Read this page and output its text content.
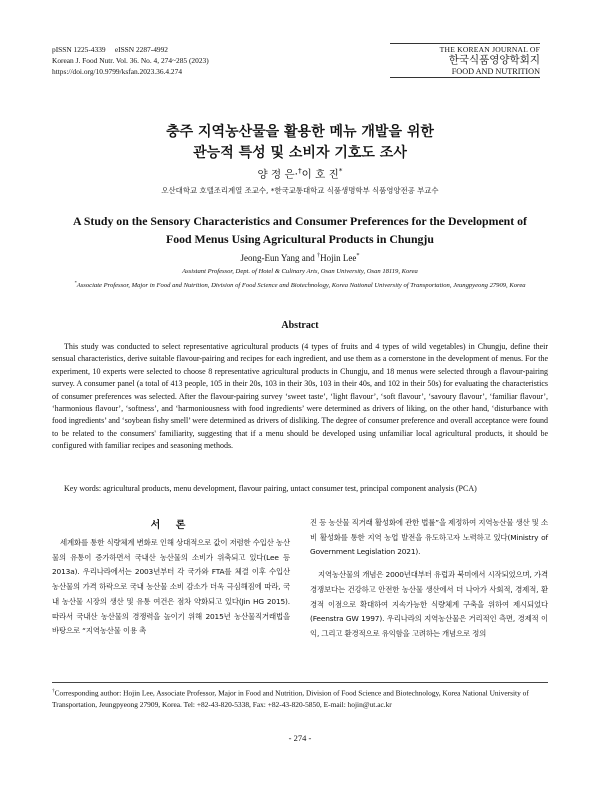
pISSN 1225-4339     eISSN 2287-4992
Korean J. Food Nutr. Vol. 36. No. 4, 274~285 (2023)
https://doi.org/10.9799/ksfan.2023.36.4.274
THE KOREAN JOURNAL OF
한국식품영양학회지
FOOD AND NUTRITION
충주 지역농산물을 활용한 메뉴 개발을 위한
관능적 특성 및 소비자 기호도 조사
양 정 은·†이 호 진*
오산대학교 호텔조리계열 조교수, *한국교통대학교 식품생명학부 식품영양전공 부교수
A Study on the Sensory Characteristics and Consumer Preferences for the Development of
Food Menus Using Agricultural Products in Chungju
Jeong-Eun Yang and †Hojin Lee*
Assistant Professor, Dept. of Hotel & Culinary Arts, Osan University, Osan 18119, Korea
*Associate Professor, Major in Food and Nutrition, Division of Food Science and Biotechnology, Korea National University of Transportation, Jeungpyeong 27909, Korea
Abstract
This study was conducted to select representative agricultural products (4 types of fruits and 4 types of wild vegetables) in Chungju, define their sensual characteristics, derive suitable flavour-pairing and recipes for each ingredient, and use them as a cornerstone in the development of menus. For the experiment, 10 experts were selected to choose 8 representative agricultural products in Chungju, and 18 menus were selected through a flavour-pairing survey. A consumer panel (a total of 413 people, 105 in their 20s, 103 in their 30s, 103 in their 40s, and 102 in their 50s) for evaluating the characteristics of consumer preferences was selected. After the flavour-pairing survey ‘sweet taste’, ‘light flavour’, ‘soft flavour’, ‘savoury flavour’, ‘familiar flavour’, ‘harmonious flavour’, ‘softness’, and ‘harmoniousness with food ingredients’ were determined as drivers of liking, on the other hand, ‘disturbance with food ingredients’ and ‘soybean fishy smell’ were determined as drivers of disliking. The degree of consumer preference and overall acceptance were found to be related to the consumers' familiarity, suggesting that if a menu should be developed using unfamiliar local agricultural products, it should be configured with familiar recipes and seasoning methods.
Key words: agricultural products, menu development, flavour pairing, untact consumer test, principal component analysis (PCA)
서 론

세계화를 통한 식량체계 변화로 인해 상대적으로 값이 저렴한 수입산 농산물의 유통이 증가하면서 국내산 농산물의 소비가 위축되고 있다(Lee 등 2013a). 우리나라에서는 2003년부터 각 국가와 FTA를 체결 이후 수입산 농산물의 가격 하락으로 국내 농산물 소비 감소가 더욱 극심해짐에 따라, 국내 농산물 시장의 생산 및 유통 여건은 점차 약화되고 있다(Jin HG 2015). 따라서 국내산 농산물의 경쟁력을 높이기 위해 2015년 농산물직거래법을 바탕으로 “지역농산물 이용 촉

진 등 농산물 직거래 활성화에 관한 법률”을 제정하여 지역농산물 생산 및 소비 활성화를 통한 지역 농업 발전을 유도하고자 노력하고 있다(Ministry of Government Legislation 2021).

지역농산물의 개념은 2000년대부터 유럽과 북미에서 시작되었으며, 가격 경쟁보다는 건강하고 안전한 농산물 생산에서 더 나아가 사회적, 경제적, 환경적 이점으로 확대하여 지속가능한 식량체계 구축을 위하여 제시되었다(Feenstra GW 1997). 우리나라의 지역농산물은 거리적인 측면, 경제적 이익, 그리고 환경적으로 유익함을 고려하는 개념으로 정의

†Corresponding author: Hojin Lee, Associate Professor, Major in Food and Nutrition, Division of Food Science and Biotechnology, Korea National University of Transportation, Jeungpyeong 27909, Korea. Tel: +82-43-820-5338, Fax: +82-43-820-5850, E-mail: hojin@ut.ac.kr
- 274 -
